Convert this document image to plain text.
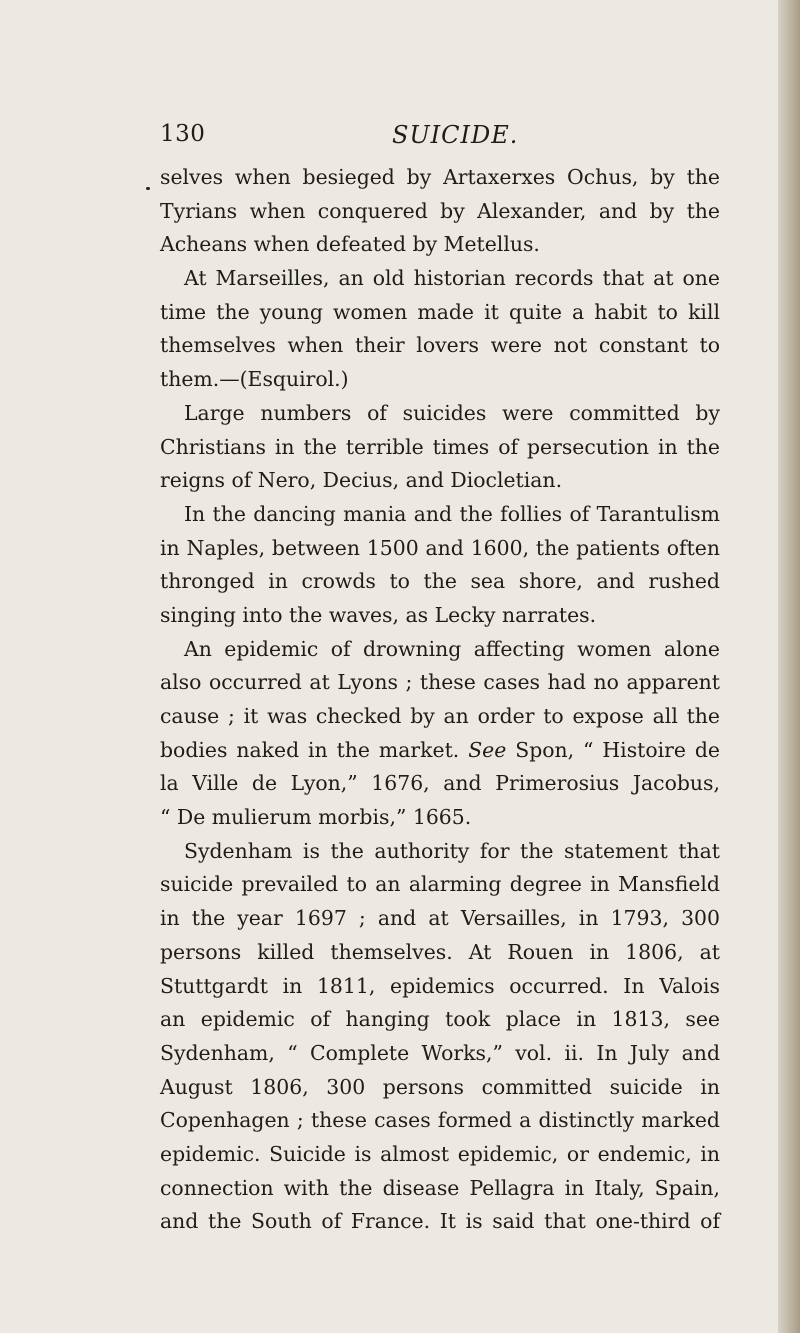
130	SUICIDE.
selves when besieged by Artaxerxes Ochus, by the
Tyrians when conquered by Alexander, and by the
Acheans when defeated by Metellus.
At Marseilles, an old historian records that at one
time the young women made it quite a habit to kill
themselves when their lovers were not constant to
them.—(Esquirol.)
Large numbers of suicides were committed by
Christians in the terrible times of persecution in the
reigns of Nero, Decius, and Diocletian.
In the dancing mania and the follies of Tarantulism
in Naples, between 1500 and 1600, the patients often
thronged in crowds to the sea shore, and rushed
singing into the waves, as Lecky narrates.
An epidemic of drowning affecting women alone
also occurred at Lyons ; these cases had no apparent
cause ; it was checked by an order to expose all the
bodies naked in the market. See Spon, “ Histoire de
la Ville de Lyon,” 1676, and Primerosius Jacobus,
“ De mulierum morbis,” 1665.
Sydenham is the authority for the statement that
suicide prevailed to an alarming degree in Mansfield
in the year 1697 ; and at Versailles, in 1793, 300
persons killed themselves. At Rouen in 1806, at
Stuttgardt in 1811, epidemics occurred. In Valois
an epidemic of hanging took place in 1813, see
Sydenham, “ Complete Works,” vol. ii. In July and
August 1806, 300 persons committed suicide in
Copenhagen ; these cases formed a distinctly marked
epidemic. Suicide is almost epidemic, or endemic, in
connection with the disease Pellagra in Italy, Spain,
and the South of France. It is said that one-third of
